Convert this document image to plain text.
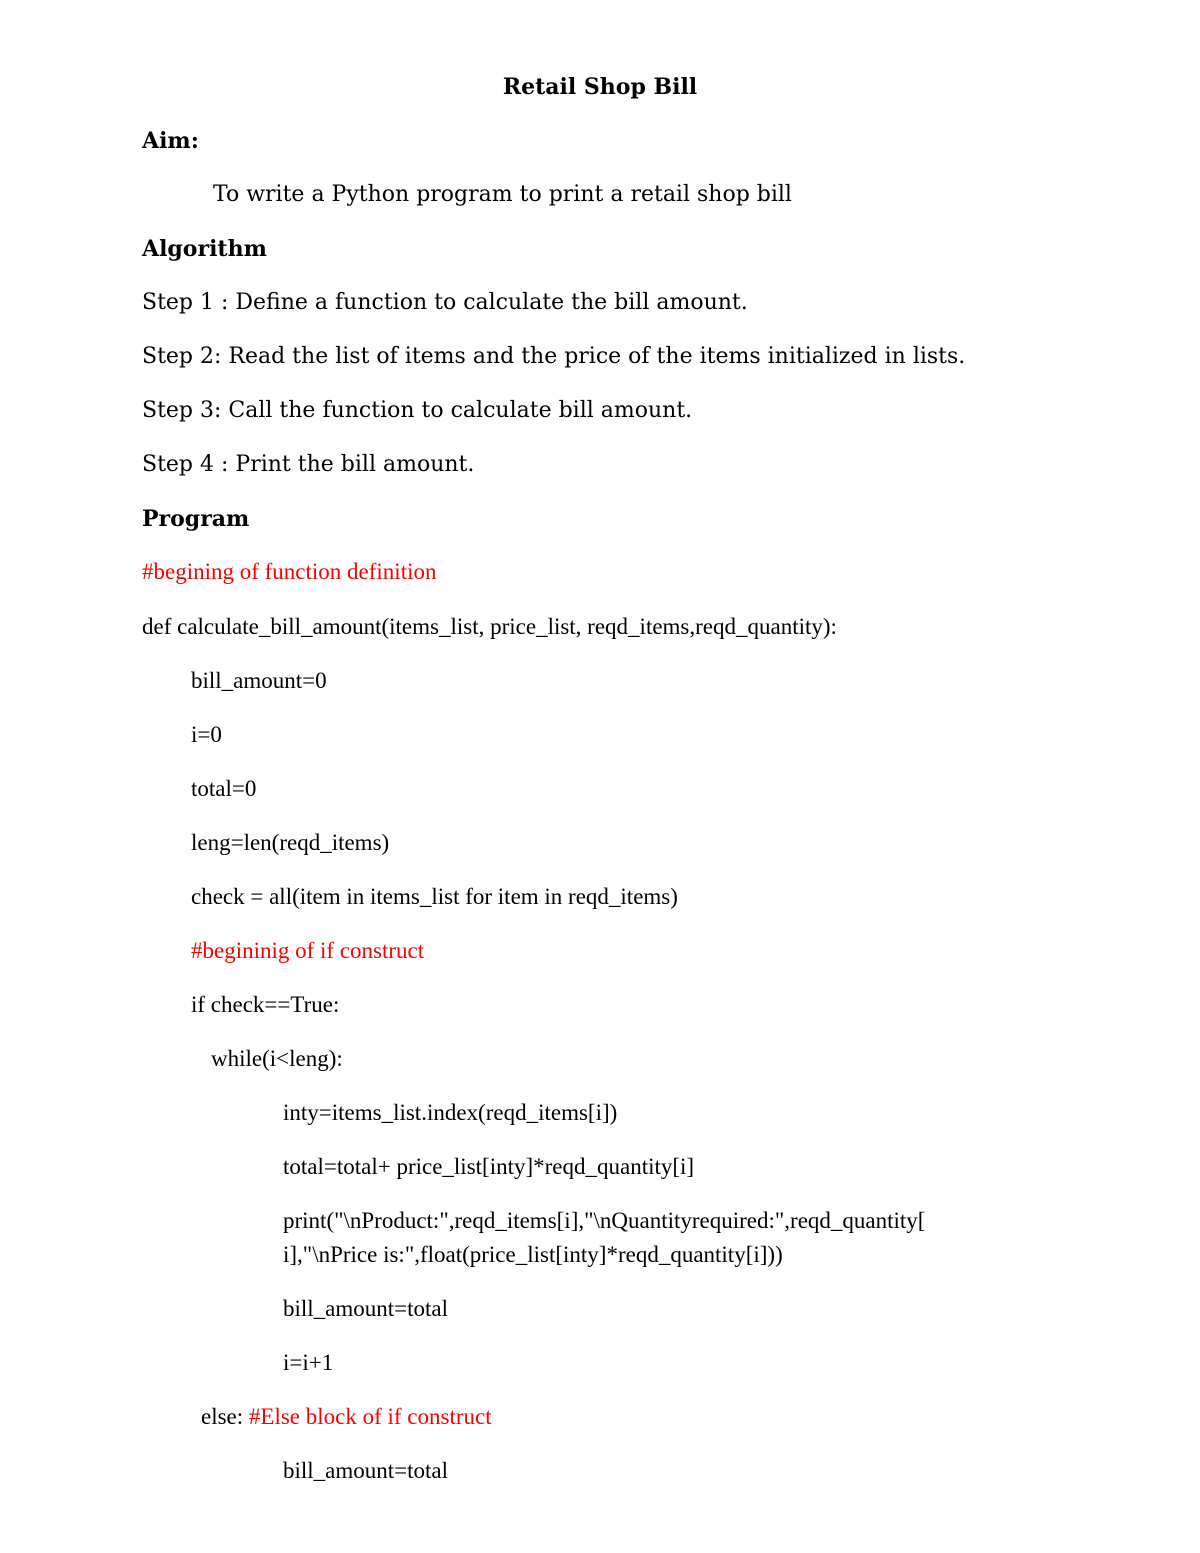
Retail Shop Bill
Aim:
To write a Python program to print a retail shop bill
Algorithm
Step 1 : Define a function to calculate the bill amount.
Step 2: Read the list of items and the price of the items initialized in lists.
Step 3: Call the function to calculate bill amount.
Step 4 : Print the bill amount.
Program
#begining of function definition
def calculate_bill_amount(items_list, price_list, reqd_items,reqd_quantity):
bill_amount=0
i=0
total=0
leng=len(reqd_items)
check = all(item in items_list for item in reqd_items)
#begininig of if construct
if check==True:
while(i<leng):
inty=items_list.index(reqd_items[i])
total=total+ price_list[inty]*reqd_quantity[i]
print("\nProduct:",reqd_items[i],"\nQuantityrequired:",reqd_quantity[
i],"\nPrice is:",float(price_list[inty]*reqd_quantity[i]))
bill_amount=total
i=i+1
else: #Else block of if construct
bill_amount=total
